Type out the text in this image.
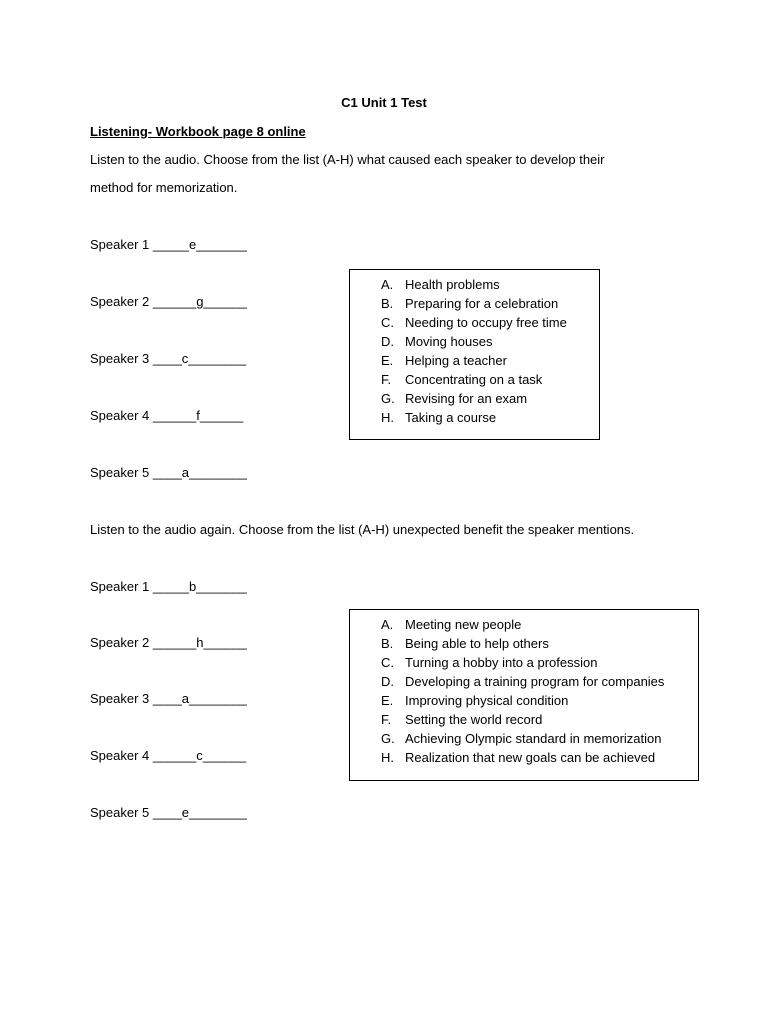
C1 Unit 1 Test
Listening- Workbook page 8 online
Listen to the audio. Choose from the list (A-H) what caused each speaker to develop their
method for memorization.
Speaker 1 _____e_______
Speaker 2 ______g______
Speaker 3 ____c________
Speaker 4 ______f______
Speaker 5 ____a________
A. Health problems
B. Preparing for a celebration
C. Needing to occupy free time
D. Moving houses
E. Helping a teacher
F. Concentrating on a task
G. Revising for an exam
H. Taking a course
Listen to the audio again. Choose from the list (A-H) unexpected benefit the speaker mentions.
Speaker 1 _____b_______
Speaker 2 ______h______
Speaker 3 ____a________
Speaker 4 ______c______
Speaker 5 ____e________
A. Meeting new people
B. Being able to help others
C. Turning a hobby into a profession
D. Developing a training program for companies
E. Improving physical condition
F. Setting the world record
G. Achieving Olympic standard in memorization
H. Realization that new goals can be achieved
